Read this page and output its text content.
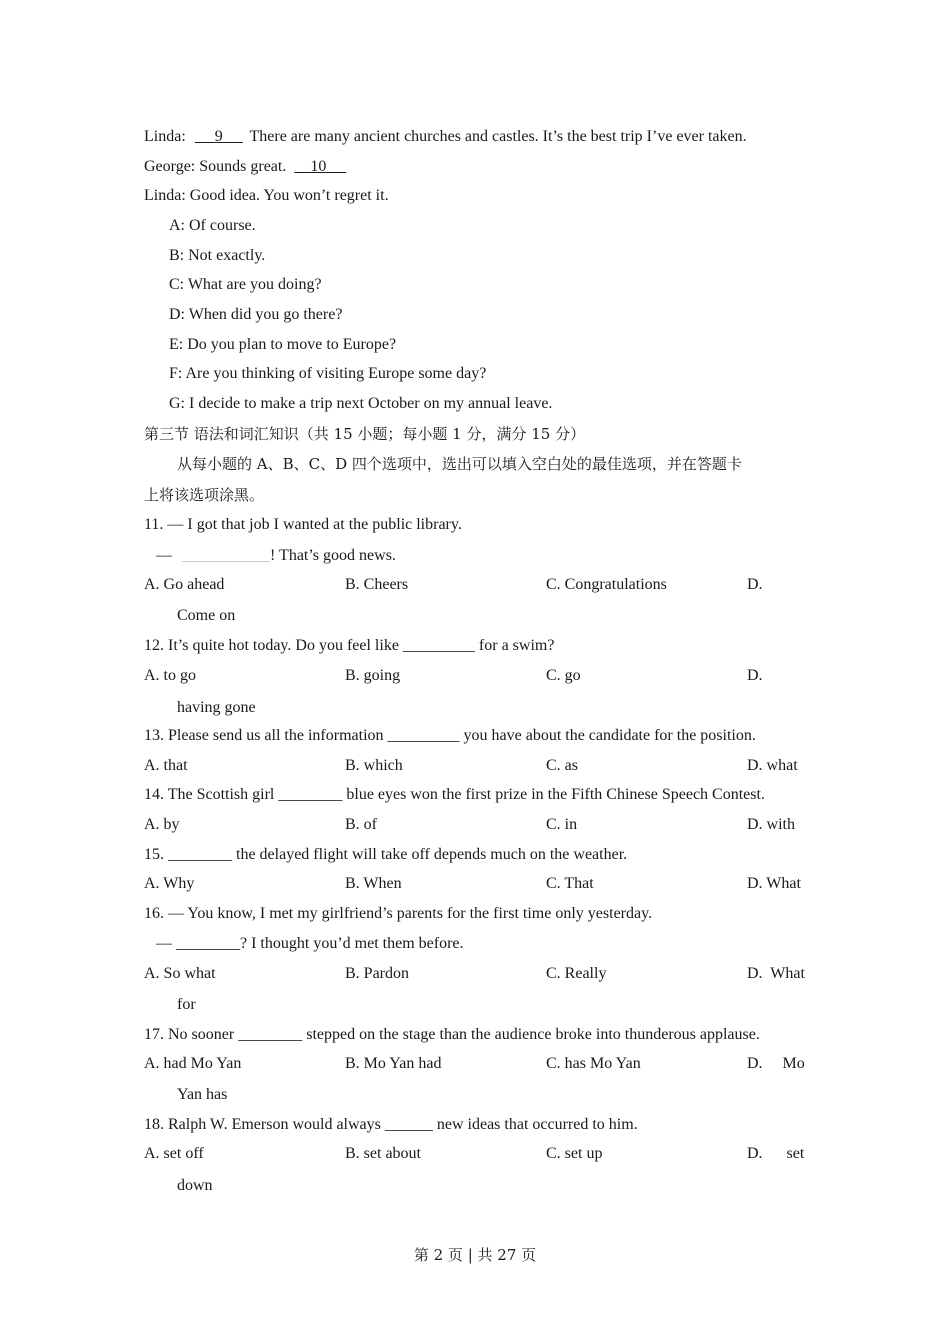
Linda: 9 There are many ancient churches and castles. It’s the best trip I’ve ever taken.
George: Sounds great. 10
Linda: Good idea. You won’t regret it.
A: Of course.
B: Not exactly.
C: What are you doing?
D: When did you go there?
E: Do you plan to move to Europe?
F: Are you thinking of visiting Europe some day?
G: I decide to make a trip next October on my annual leave.
第三节 语法和词汇知识（共 15 小题；每小题 1 分，满分 15 分）
从每小题的 A、B、C、D 四个选项中，选出可以填入空白处的最佳选项，并在答题卡
上将该选项涂黑。
11. — I got that job I wanted at the public library.
— ___________! That’s good news.
A. Go ahead	B. Cheers	C. Congratulations	D.
Come on
12. It’s quite hot today. Do you feel like _________ for a swim?
A. to go	B. going	C. go	D.
having gone
13. Please send us all the information _________ you have about the candidate for the position.
A. that	B. which	C. as	D. what
14. The Scottish girl ________ blue eyes won the first prize in the Fifth Chinese Speech Contest.
A. by	B. of	C. in	D. with
15. ________ the delayed flight will take off depends much on the weather.
A. Why	B. When	C. That	D. What
16. — You know, I met my girlfriend’s parents for the first time only yesterday.
— ________? I thought you’d met them before.
A. So what	B. Pardon	C. Really	D.  What
for
17. No sooner ________ stepped on the stage than the audience broke into thunderous applause.
A. had Mo Yan	B. Mo Yan had	C. has Mo Yan	D.     Mo
Yan has
18. Ralph W. Emerson would always ______ new ideas that occurred to him.
A. set off	B. set about	C. set up	D.      set
down
第 2 页 | 共 27 页
